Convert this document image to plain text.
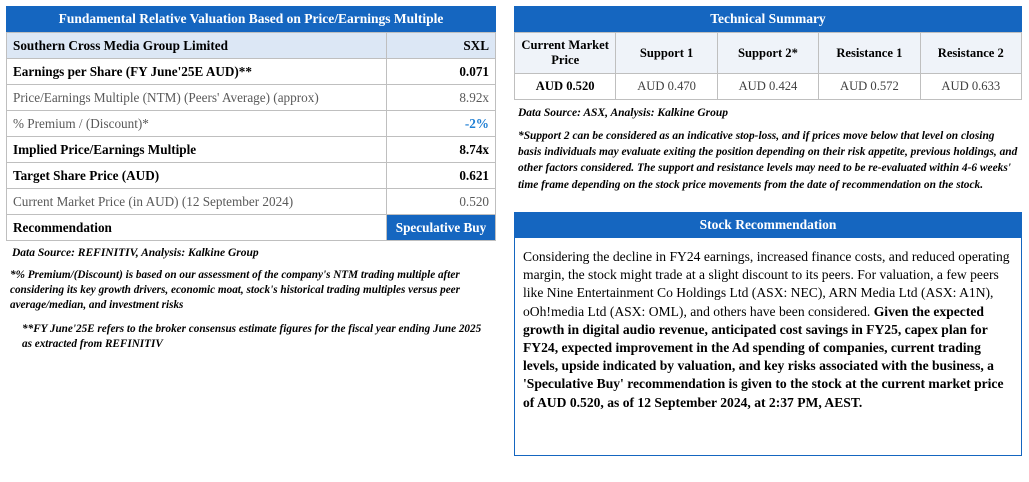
Fundamental Relative Valuation Based on Price/Earnings Multiple
Southern Cross Media Group Limited	SXL
Earnings per Share (FY June'25E AUD)**	0.071
Price/Earnings Multiple (NTM) (Peers' Average) (approx)	8.92x
% Premium / (Discount)*	-2%
Implied Price/Earnings Multiple	8.74x
Target Share Price (AUD)	0.621
Current Market Price (in AUD) (12 September 2024)	0.520
Recommendation	Speculative Buy
Data Source: REFINITIV, Analysis: Kalkine Group
*% Premium/(Discount) is based on our assessment of the company's NTM trading multiple after considering its key growth drivers, economic moat, stock's historical trading multiples versus peer average/median, and investment risks
**FY June'25E refers to the broker consensus estimate figures for the fiscal year ending June 2025 as extracted from REFINITIV
Technical Summary
Current Market Price	Support 1	Support 2*	Resistance 1	Resistance 2
AUD 0.520	AUD 0.470	AUD 0.424	AUD 0.572	AUD 0.633
Data Source: ASX, Analysis: Kalkine Group
*Support 2 can be considered as an indicative stop-loss, and if prices move below that level on closing basis individuals may evaluate exiting the position depending on their risk appetite, previous holdings, and other factors considered. The support and resistance levels may need to be re-evaluated within 4-6 weeks' time frame depending on the stock price movements from the date of recommendation on the stock.
Stock Recommendation
Considering the decline in FY24 earnings, increased finance costs, and reduced operating margin, the stock might trade at a slight discount to its peers. For valuation, a few peers like Nine Entertainment Co Holdings Ltd (ASX: NEC), ARN Media Ltd (ASX: A1N), oOh!media Ltd (ASX: OML), and others have been considered. Given the expected growth in digital audio revenue, anticipated cost savings in FY25, capex plan for FY24, expected improvement in the Ad spending of companies, current trading levels, upside indicated by valuation, and key risks associated with the business, a 'Speculative Buy' recommendation is given to the stock at the current market price of AUD 0.520, as of 12 September 2024, at 2:37 PM, AEST.
